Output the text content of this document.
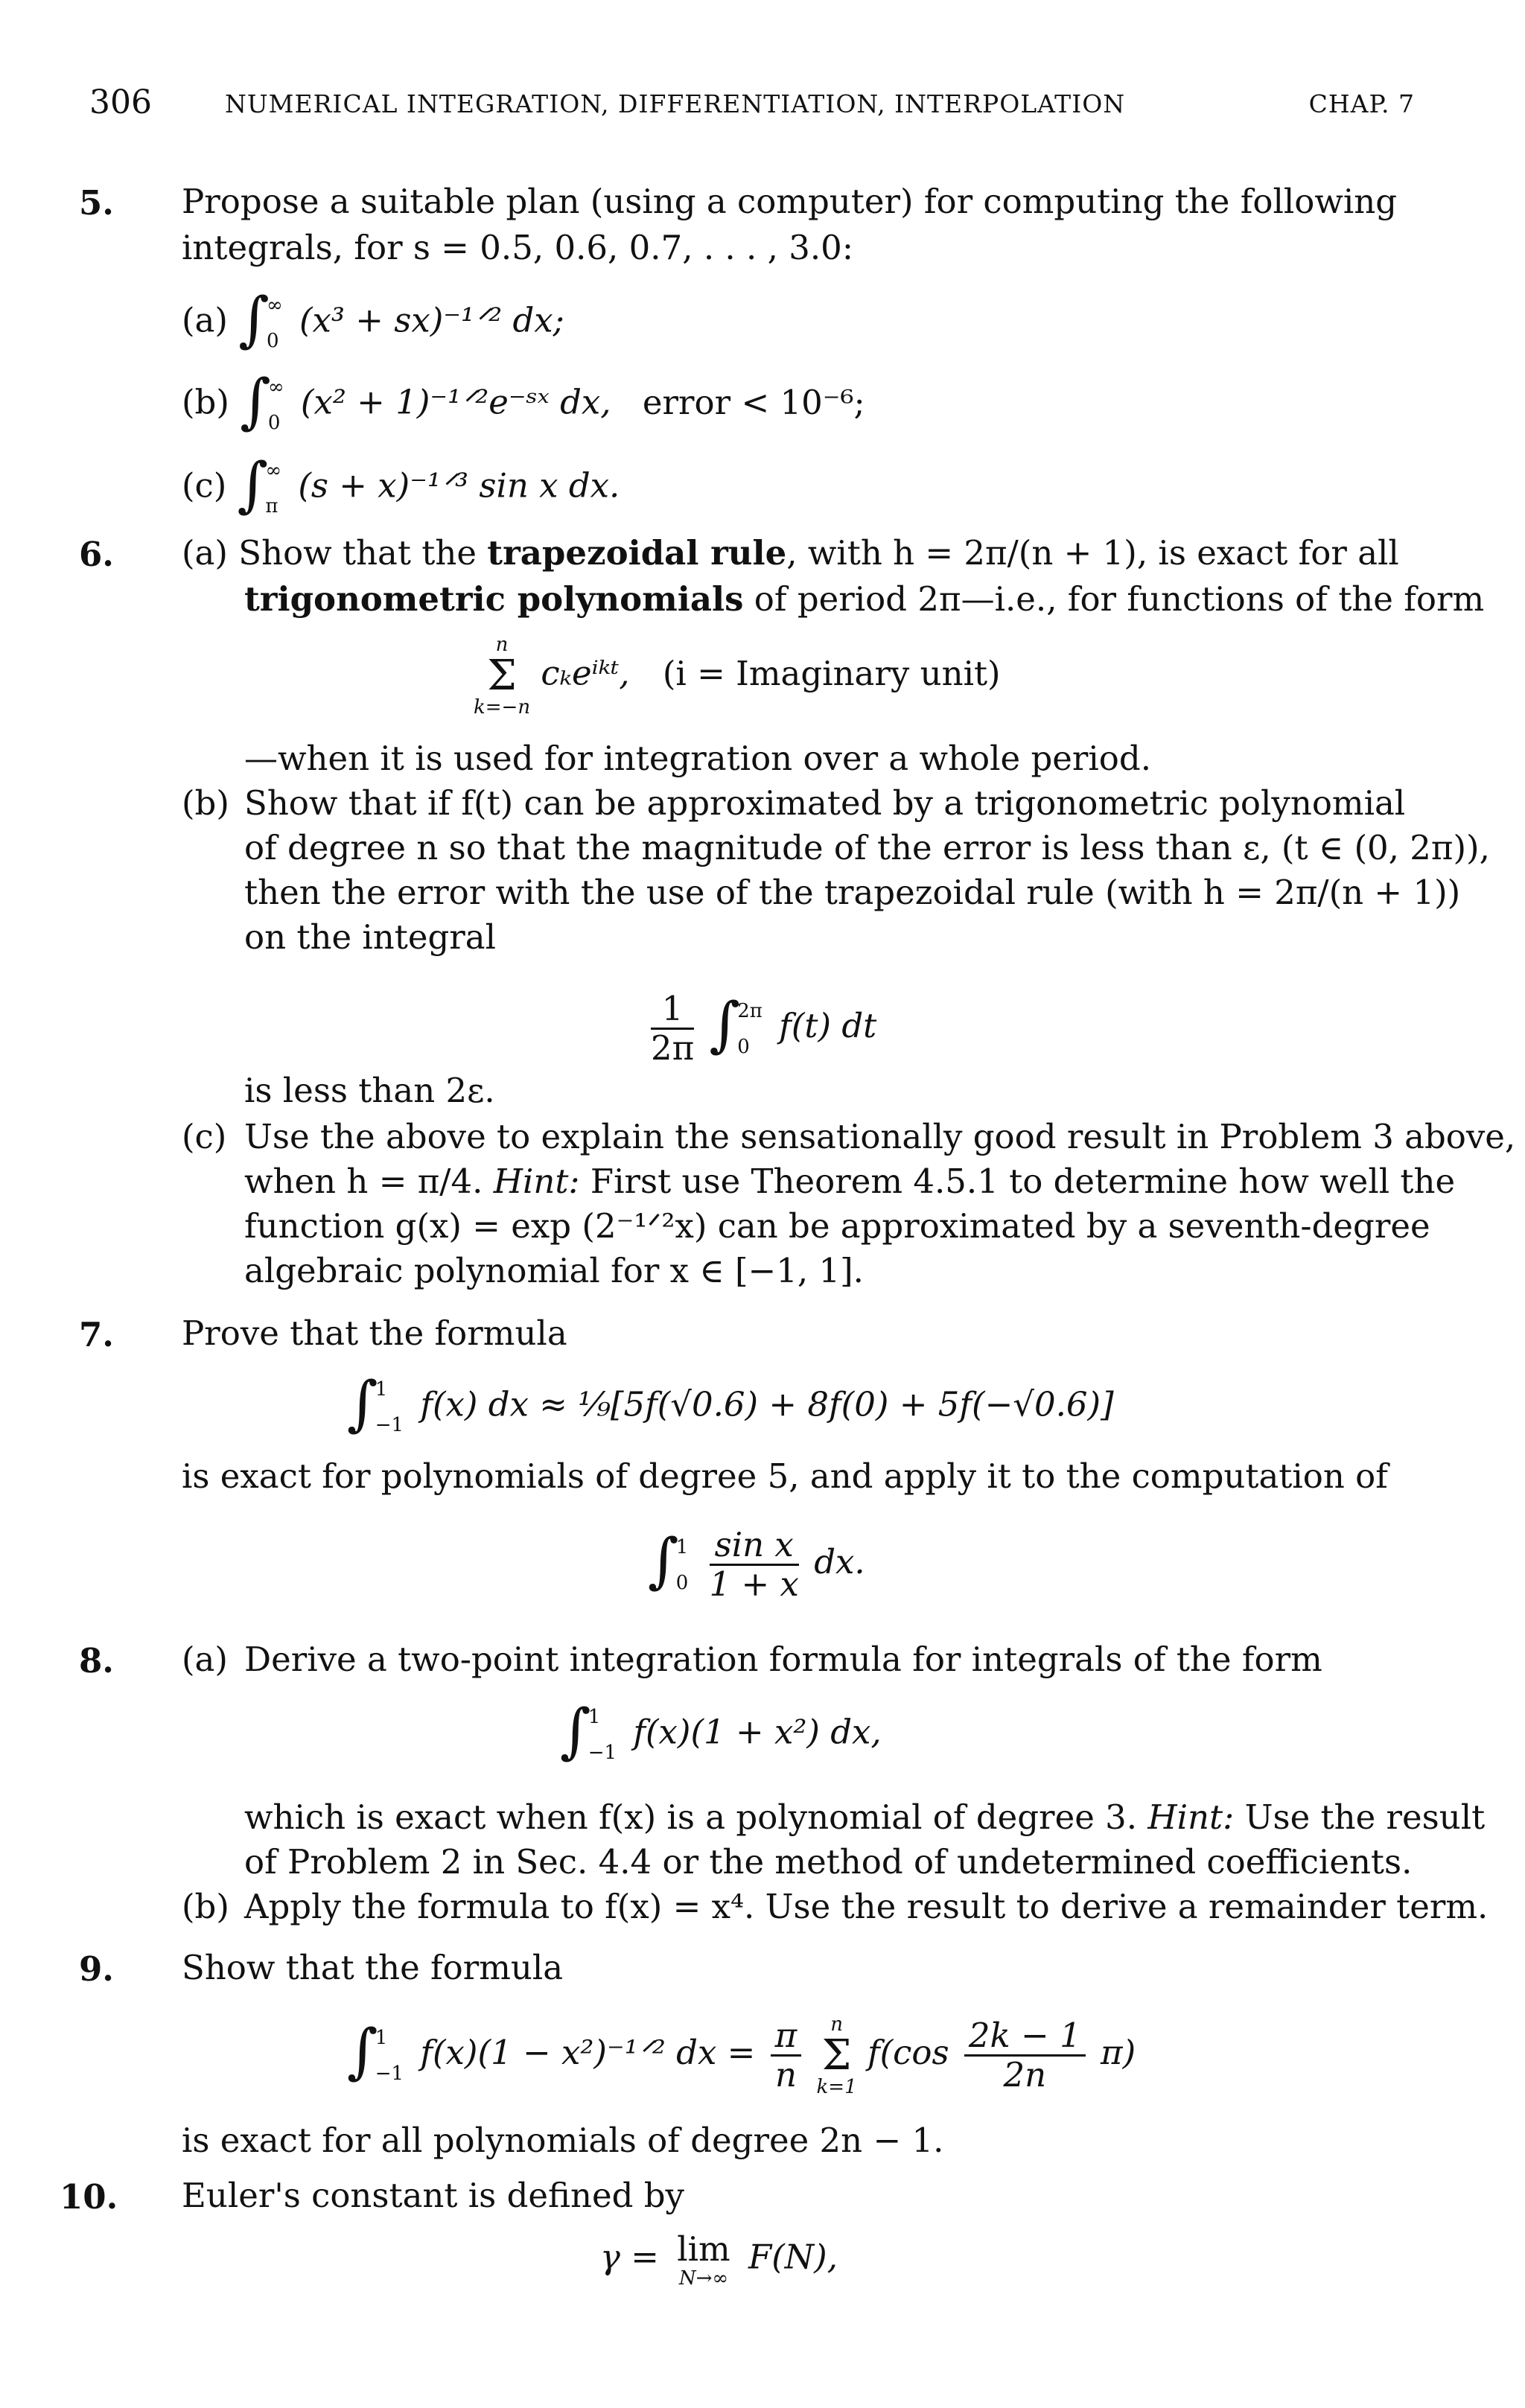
306	NUMERICAL INTEGRATION, DIFFERENTIATION, INTERPOLATION	CHAP. 7
5. Propose a suitable plan (using a computer) for computing the following
integrals, for s = 0.5, 0.6, 0.7, . . . , 3.0:
(a) ∫
∞
0
(x³ + sx)⁻¹ᐟ² dx;
(b) ∫
∞
0
(x² + 1)⁻¹ᐟ²e⁻ˢˣ dx, error < 10⁻⁶;
(c) ∫
∞
π
(s + x)⁻¹ᐟ³ sin x dx.
6. (a) Show that the trapezoidal rule, with h = 2π/(n + 1), is exact for all
trigonometric polynomials of period 2π—i.e., for functions of the form
n
Σ
k=−n
cₖeⁱᵏᵗ, (i = Imaginary unit)
—when it is used for integration over a whole period.
(b) Show that if f(t) can be approximated by a trigonometric polynomial
of degree n so that the magnitude of the error is less than ε, (t ∈ (0, 2π)),
then the error with the use of the trapezoidal rule (with h = 2π/(n + 1))
on the integral
$\frac{1}{2\pi}$ ∫
2π
0
f(t) dt
is less than 2ε.
(c) Use the above to explain the sensationally good result in Problem 3 above,
when h = π/4. Hint: First use Theorem 4.5.1 to determine how well the
function g(x) = exp (2⁻¹ᐟ²x) can be approximated by a seventh-degree
algebraic polynomial for x ∈ [−1, 1].
7. Prove that the formula
∫
1
−1
f(x) dx ≈ ⅑[5f(√0.6) + 8f(0) + 5f(−√0.6)]
is exact for polynomials of degree 5, and apply it to the computation of
∫
1
0
$\frac{\text{sin x}}{1 + x}$ dx.
8. (a) Derive a two-point integration formula for integrals of the form
∫
1
−1
f(x)(1 + x²) dx,
which is exact when f(x) is a polynomial of degree 3. Hint: Use the result
of Problem 2 in Sec. 4.4 or the method of undetermined coefficients.
(b) Apply the formula to f(x) = x⁴. Use the result to derive a remainder term.
9. Show that the formula
∫
1
−1
f(x)(1 − x²)⁻¹ᐟ² dx = $\frac{\pi}{n}$
	n
Σ
k=1
$f(\cos \frac{2k - 1}{2n} \pi)$
is exact for all polynomials of degree 2n − 1.
10. Euler's constant is defined by
γ = lim
N→∞
F(N),
